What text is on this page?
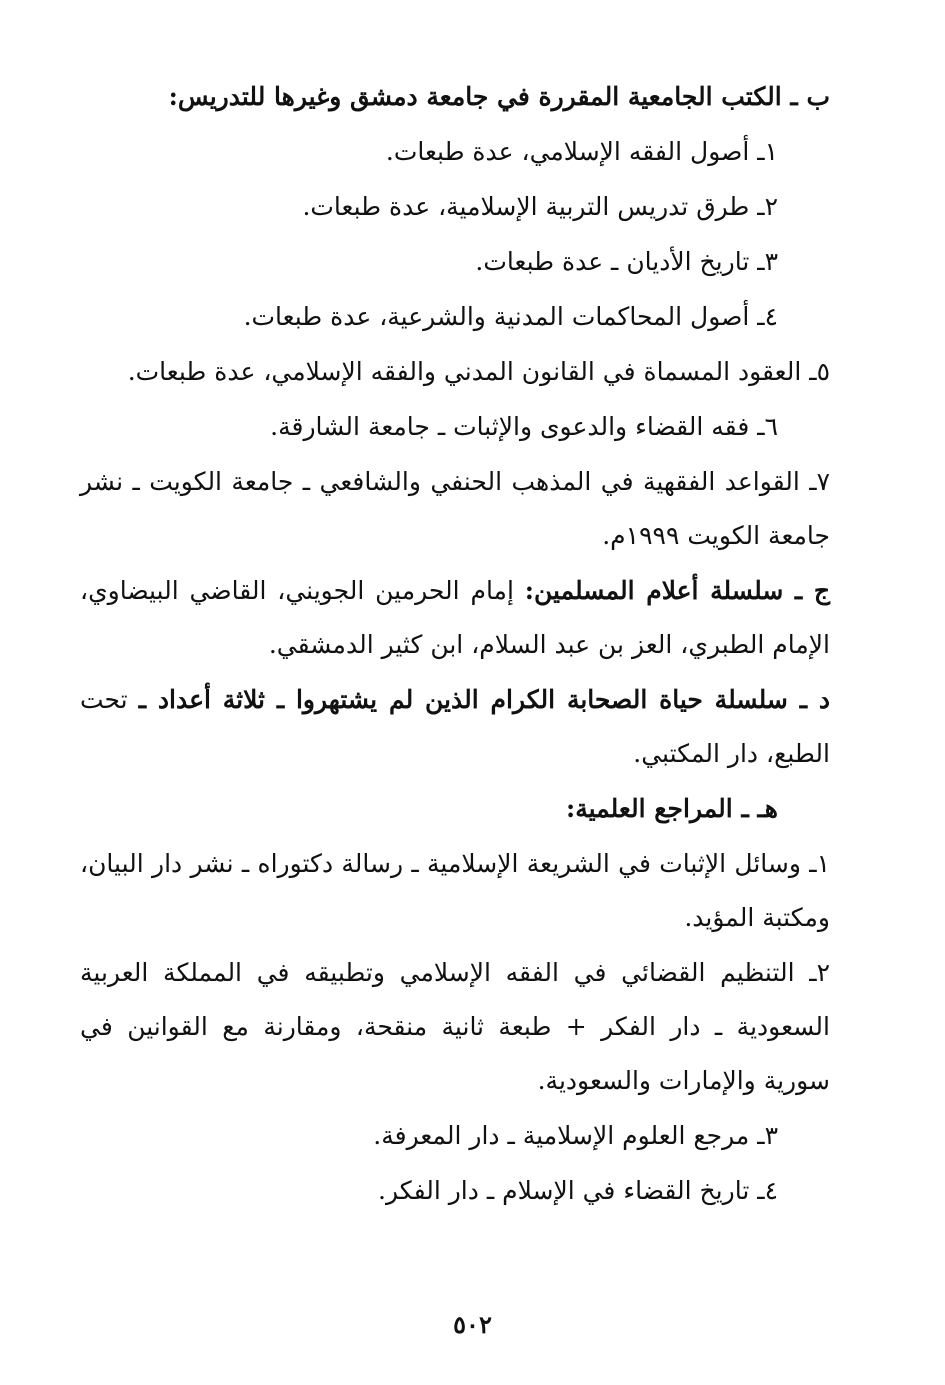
ب ـ الكتب الجامعية المقررة في جامعة دمشق وغيرها للتدريس:

١ـ أصول الفقه الإسلامي، عدة طبعات.

٢ـ طرق تدريس التربية الإسلامية، عدة طبعات.

٣ـ تاريخ الأديان ـ عدة طبعات.

٤ـ أصول المحاكمات المدنية والشرعية، عدة طبعات.

٥ـ العقود المسماة في القانون المدني والفقه الإسلامي، عدة طبعات.

٦ـ فقه القضاء والدعوى والإثبات ـ جامعة الشارقة.

٧ـ القواعد الفقهية في المذهب الحنفي والشافعي ـ جامعة الكويت ـ نشر جامعة الكويت ١٩٩٩م.

ج ـ سلسلة أعلام المسلمين: إمام الحرمين الجويني، القاضي البيضاوي، الإمام الطبري، العز بن عبد السلام، ابن كثير الدمشقي.

د ـ سلسلة حياة الصحابة الكرام الذين لم يشتهروا ـ ثلاثة أعداد ـ تحت الطبع، دار المكتبي.

هـ ـ المراجع العلمية:

١ـ وسائل الإثبات في الشريعة الإسلامية ـ رسالة دكتوراه ـ نشر دار البيان، ومكتبة المؤيد.

٢ـ التنظيم القضائي في الفقه الإسلامي وتطبيقه في المملكة العربية السعودية ـ دار الفكر + طبعة ثانية منقحة، ومقارنة مع القوانين في سورية والإمارات والسعودية.

٣ـ مرجع العلوم الإسلامية ـ دار المعرفة.

٤ـ تاريخ القضاء في الإسلام ـ دار الفكر.

٥٠٢
